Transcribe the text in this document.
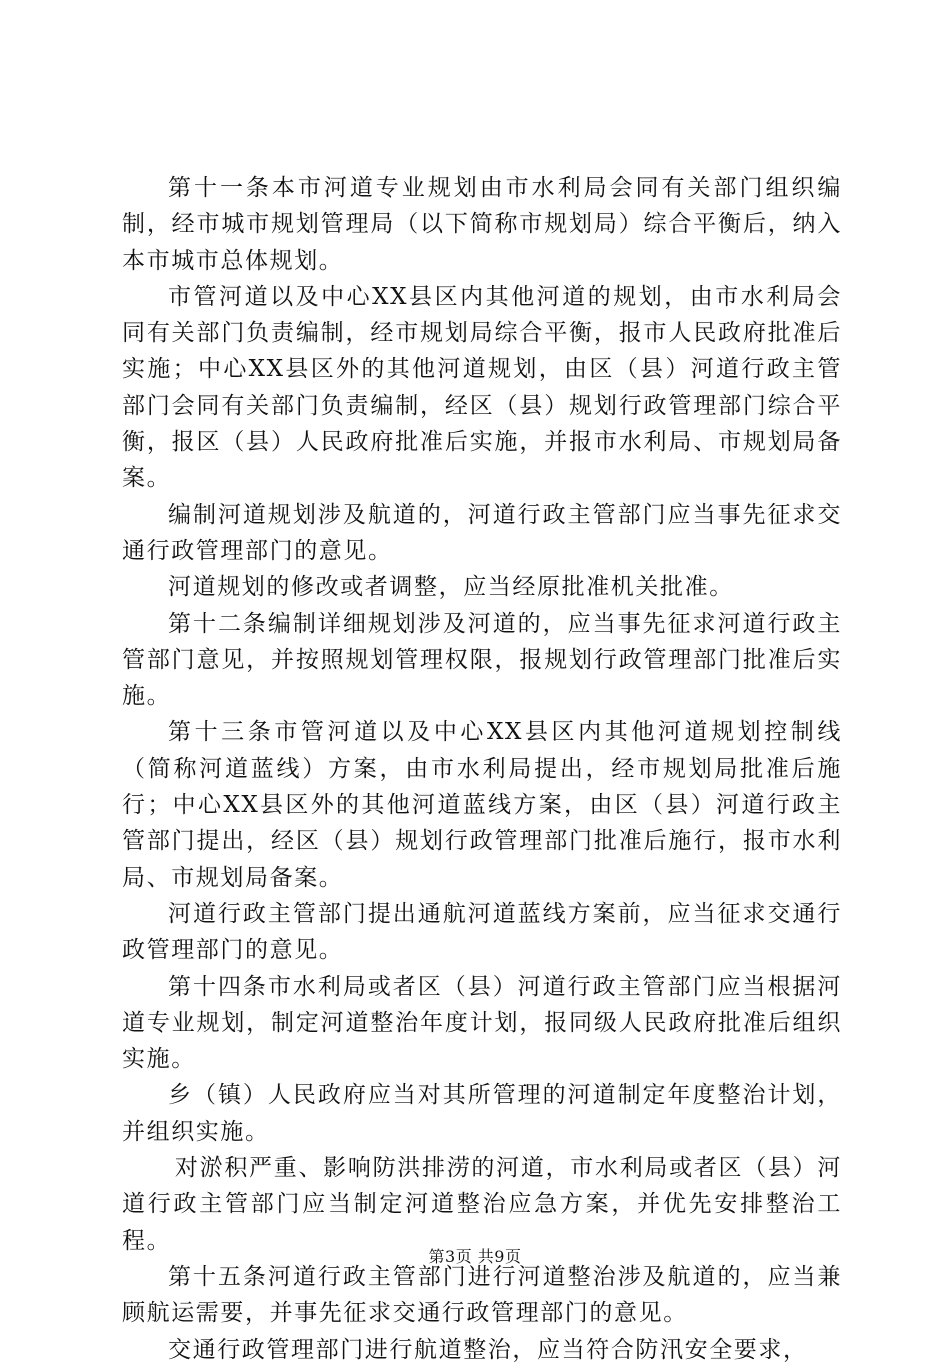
第十一条本市河道专业规划由市水利局会同有关部门组织编制，经市城市规划管理局（以下简称市规划局）综合平衡后，纳入本市城市总体规划。

市管河道以及中心XX县区内其他河道的规划，由市水利局会同有关部门负责编制，经市规划局综合平衡，报市人民政府批准后实施；中心XX县区外的其他河道规划，由区（县）河道行政主管部门会同有关部门负责编制，经区（县）规划行政管理部门综合平衡，报区（县）人民政府批准后实施，并报市水利局、市规划局备案。

编制河道规划涉及航道的，河道行政主管部门应当事先征求交通行政管理部门的意见。

河道规划的修改或者调整，应当经原批准机关批准。

第十二条编制详细规划涉及河道的，应当事先征求河道行政主管部门意见，并按照规划管理权限，报规划行政管理部门批准后实施。

第十三条市管河道以及中心XX县区内其他河道规划控制线（简称河道蓝线）方案，由市水利局提出，经市规划局批准后施行；中心XX县区外的其他河道蓝线方案，由区（县）河道行政主管部门提出，经区（县）规划行政管理部门批准后施行，报市水利局、市规划局备案。

河道行政主管部门提出通航河道蓝线方案前，应当征求交通行政管理部门的意见。

第十四条市水利局或者区（县）河道行政主管部门应当根据河道专业规划，制定河道整治年度计划，报同级人民政府批准后组织实施。

乡（镇）人民政府应当对其所管理的河道制定年度整治计划，并组织实施。

对淤积严重、影响防洪排涝的河道，市水利局或者区（县）河道行政主管部门应当制定河道整治应急方案，并优先安排整治工程。

第十五条河道行政主管部门进行河道整治涉及航道的，应当兼顾航运需要，并事先征求交通行政管理部门的意见。

交通行政管理部门进行航道整治，应当符合防汛安全要求，

第3页 共9页
